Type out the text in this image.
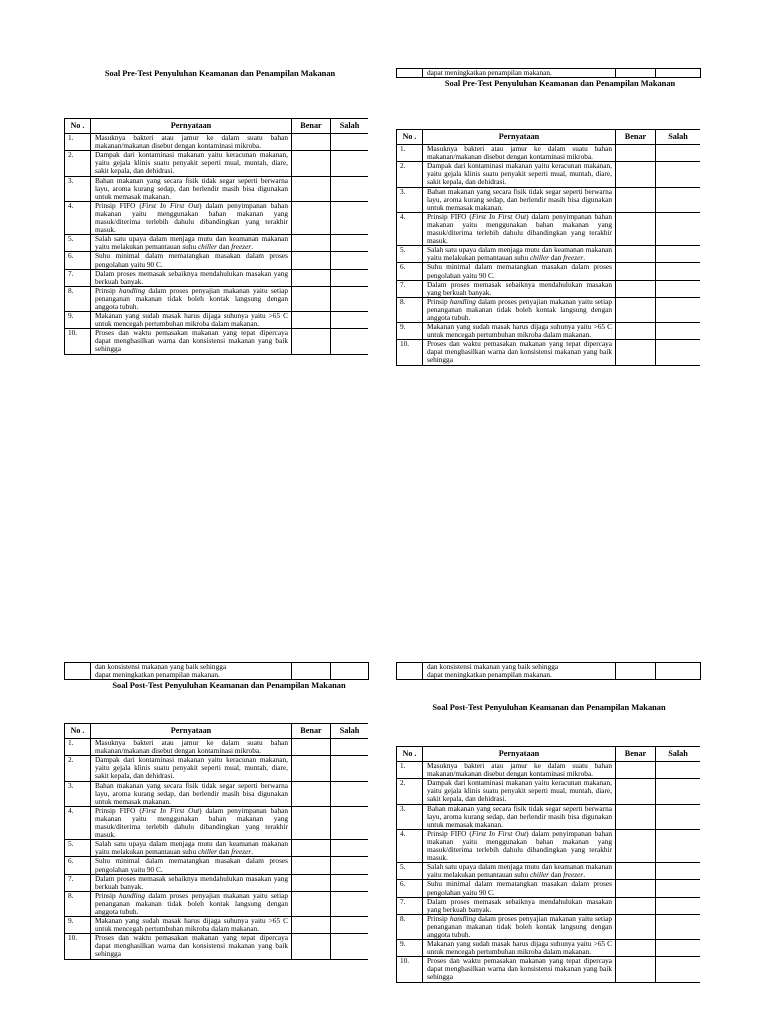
Soal Pre-Test Penyuluhan Keamanan dan Penampilan Makanan
No .	Pernyataan	Benar	Salah
1.	Masuknya bakteri atau jamur ke dalam suatu bahan makanan/makanan disebut dengan kontaminasi mikroba.		
2.	Dampak dari kontaminasi makanan yaitu keracunan makanan, yaitu gejala klinis suatu penyakit seperti mual, muntah, diare, sakit kepala, dan dehidrasi.		
3.	Bahan makanan yang secara fisik tidak segar seperti berwarna layu, aroma kurang sedap, dan berlendir masih bisa digunakan untuk memasak makanan.		
4.	Prinsip FIFO (First In First Out) dalam penyimpanan bahan makanan yaitu menggunakan bahan makanan yang masuk/diterima terlebih dahulu dibandingkan yang terakhir masuk.		
5.	Salah satu upaya dalam menjaga mutu dan keamanan makanan yaitu melakukan pemantauan suhu chiller dan freezer.		
6.	Suhu minimal dalam mematangkan masakan dalam proses pengolahan yaitu 90 C.		
7.	Dalam proses memasak sebaiknya mendahulukan masakan yang berkuah banyak.		
8.	Prinsip handling dalam proses penyajian makanan yaitu setiap penanganan makanan tidak boleh kontak langsung dengan anggota tubuh.		
9.	Makanan yang sudah masak harus dijaga suhunya yaitu >65 C untuk mencegah pertumbuhan mikroba dalam makanan.		
10.	Proses dan waktu pemasakan makanan yang tepat dipercaya dapat menghasilkan warna dan konsistensi makanan yang baik sehingga		
	dapat meningkatkan penampilan makanan.		
Soal Pre-Test Penyuluhan Keamanan dan Penampilan Makanan
No .	Pernyataan	Benar	Salah
1.	Masuknya bakteri atau jamur ke dalam suatu bahan makanan/makanan disebut dengan kontaminasi mikroba.		
2.	Dampak dari kontaminasi makanan yaitu keracunan makanan, yaitu gejala klinis suatu penyakit seperti mual, muntah, diare, sakit kepala, dan dehidrasi.		
3.	Bahan makanan yang secara fisik tidak segar seperti berwarna layu, aroma kurang sedap, dan berlendir masih bisa digunakan untuk memasak makanan.		
4.	Prinsip FIFO (First In First Out) dalam penyimpanan bahan makanan yaitu menggunakan bahan makanan yang masuk/diterima terlebih dahulu dibandingkan yang terakhir masuk.		
5.	Salah satu upaya dalam menjaga mutu dan keamanan makanan yaitu melakukan pemantauan suhu chiller dan freezer.		
6.	Suhu minimal dalam mematangkan masakan dalam proses pengolahan yaitu 90 C.		
7.	Dalam proses memasak sebaiknya mendahulukan masakan yang berkuah banyak.		
8.	Prinsip handling dalam proses penyajian makanan yaitu setiap penanganan makanan tidak boleh kontak langsung dengan anggota tubuh.		
9.	Makanan yang sudah masak harus dijaga suhunya yaitu >65 C untuk mencegah pertumbuhan mikroba dalam makanan.		
10.	Proses dan waktu pemasakan makanan yang tepat dipercaya dapat menghasilkan warna dan konsistensi makanan yang baik sehingga		
	dan konsistensi makanan yang baik sehingga
dapat meningkatkan penampilan makanan.		
Soal Post-Test Penyuluhan Keamanan dan Penampilan Makanan
No .	Pernyataan	Benar	Salah
1.	Masuknya bakteri atau jamur ke dalam suatu bahan makanan/makanan disebut dengan kontaminasi mikroba.		
2.	Dampak dari kontaminasi makanan yaitu keracunan makanan, yaitu gejala klinis suatu penyakit seperti mual, muntah, diare, sakit kepala, dan dehidrasi.		
3.	Bahan makanan yang secara fisik tidak segar seperti berwarna layu, aroma kurang sedap, dan berlendir masih bisa digunakan untuk memasak makanan.		
4.	Prinsip FIFO (First In First Out) dalam penyimpanan bahan makanan yaitu menggunakan bahan makanan yang masuk/diterima terlebih dahulu dibandingkan yang terakhir masuk.		
5.	Salah satu upaya dalam menjaga mutu dan keamanan makanan yaitu melakukan pemantauan suhu chiller dan freezer.		
6.	Suhu minimal dalam mematangkan masakan dalam proses pengolahan yaitu 90 C.		
7.	Dalam proses memasak sebaiknya mendahulukan masakan yang berkuah banyak.		
8.	Prinsip handling dalam proses penyajian makanan yaitu setiap penanganan makanan tidak boleh kontak langsung dengan anggota tubuh.		
9.	Makanan yang sudah masak harus dijaga suhunya yaitu >65 C untuk mencegah pertumbuhan mikroba dalam makanan.		
10.	Proses dan waktu pemasakan makanan yang tepat dipercaya dapat menghasilkan warna dan konsistensi makanan yang baik sehingga		
	dan konsistensi makanan yang baik sehingga
dapat meningkatkan penampilan makanan.		
Soal Post-Test Penyuluhan Keamanan dan Penampilan Makanan
No .	Pernyataan	Benar	Salah
1.	Masuknya bakteri atau jamur ke dalam suatu bahan makanan/makanan disebut dengan kontaminasi mikroba.		
2.	Dampak dari kontaminasi makanan yaitu keracunan makanan, yaitu gejala klinis suatu penyakit seperti mual, muntah, diare, sakit kepala, dan dehidrasi.		
3.	Bahan makanan yang secara fisik tidak segar seperti berwarna layu, aroma kurang sedap, dan berlendir masih bisa digunakan untuk memasak makanan.		
4.	Prinsip FIFO (First In First Out) dalam penyimpanan bahan makanan yaitu menggunakan bahan makanan yang masuk/diterima terlebih dahulu dibandingkan yang terakhir masuk.		
5.	Salah satu upaya dalam menjaga mutu dan keamanan makanan yaitu melakukan pemantauan suhu chiller dan freezer.		
6.	Suhu minimal dalam mematangkan masakan dalam proses pengolahan yaitu 90 C.		
7.	Dalam proses memasak sebaiknya mendahulukan masakan yang berkuah banyak.		
8.	Prinsip handling dalam proses penyajian makanan yaitu setiap penanganan makanan tidak boleh kontak langsung dengan anggota tubuh.		
9.	Makanan yang sudah masak harus dijaga suhunya yaitu >65 C untuk mencegah pertumbuhan mikroba dalam makanan.		
10.	Proses dan waktu pemasakan makanan yang tepat dipercaya dapat menghasilkan warna dan konsistensi makanan yang baik sehingga		
